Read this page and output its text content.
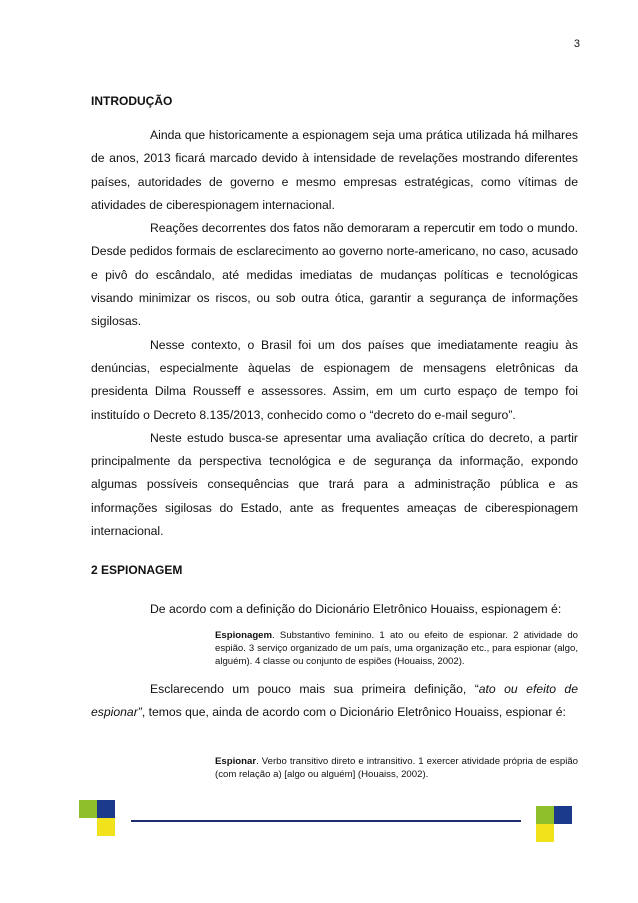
3
INTRODUÇÃO

Ainda que historicamente a espionagem seja uma prática utilizada há milhares de anos, 2013 ficará marcado devido à intensidade de revelações mostrando diferentes países, autoridades de governo e mesmo empresas estratégicas, como vítimas de atividades de ciberespionagem internacional.

Reações decorrentes dos fatos não demoraram a repercutir em todo o mundo. Desde pedidos formais de esclarecimento ao governo norte-americano, no caso, acusado e pivô do escândalo, até medidas imediatas de mudanças políticas e tecnológicas visando minimizar os riscos, ou sob outra ótica, garantir a segurança de informações sigilosas.

Nesse contexto, o Brasil foi um dos países que imediatamente reagiu às denúncias, especialmente àquelas de espionagem de mensagens eletrônicas da presidenta Dilma Rousseff e assessores. Assim, em um curto espaço de tempo foi instituído o Decreto 8.135/2013, conhecido como o “decreto do e-mail seguro”.

Neste estudo busca-se apresentar uma avaliação crítica do decreto, a partir principalmente da perspectiva tecnológica e de segurança da informação, expondo algumas possíveis consequências que trará para a administração pública e as informações sigilosas do Estado, ante as frequentes ameaças de ciberespionagem internacional.

2 ESPIONAGEM

De acordo com a definição do Dicionário Eletrônico Houaiss, espionagem é:

Espionagem. Substantivo feminino. 1 ato ou efeito de espionar. 2 atividade do espião. 3 serviço organizado de um país, uma organização etc., para espionar (algo, alguém). 4 classe ou conjunto de espiões (Houaiss, 2002).

Esclarecendo um pouco mais sua primeira definição, “ato ou efeito de espionar”, temos que, ainda de acordo com o Dicionário Eletrônico Houaiss, espionar é:

Espionar. Verbo transitivo direto e intransitivo. 1 exercer atividade própria de espião (com relação a) [algo ou alguém] (Houaiss, 2002).
